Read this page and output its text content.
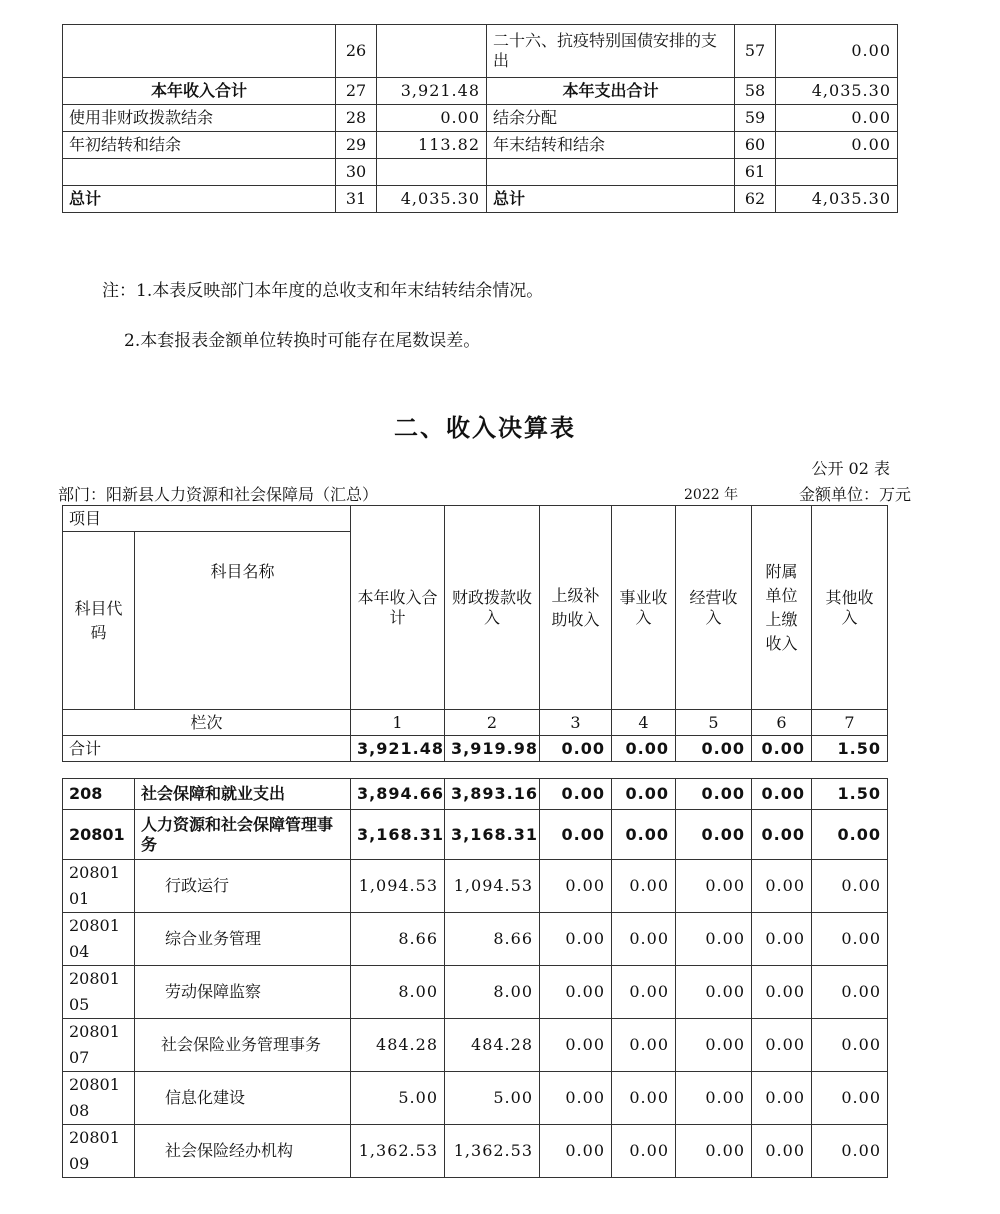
	26		二十六、抗疫特别国债安排的支出	57	0.00
本年收入合计	27	3,921.48	本年支出合计	58	4,035.30
使用非财政拨款结余	28	0.00	结余分配	59	0.00
年初结转和结余	29	113.82	年末结转和结余	60	0.00
	30			61	
总计	31	4,035.30	总计	62	4,035.30
注：1.本表反映部门本年度的总收支和年末结转结余情况。
2.本套报表金额单位转换时可能存在尾数误差。
二、收入决算表
公开 02 表
部门：阳新县人力资源和社会保障局（汇总）	2022 年	金额单位：万元
项目		本年收入合计	财政拨款收入	上级补助收入	事业收入	经营收入	附属单位上缴收入	其他收入
科目代码	科目名称							
栏次		1	2	3	4	5	6	7
合计		3,921.48	3,919.98	0.00	0.00	0.00	0.00	1.50
208	社会保障和就业支出	3,894.66	3,893.16	0.00	0.00	0.00	0.00	1.50
20801	人力资源和社会保障管理事务	3,168.31	3,168.31	0.00	0.00	0.00	0.00	0.00
2080101	行政运行	1,094.53	1,094.53	0.00	0.00	0.00	0.00	0.00
2080104	综合业务管理	8.66	8.66	0.00	0.00	0.00	0.00	0.00
2080105	劳动保障监察	8.00	8.00	0.00	0.00	0.00	0.00	0.00
2080107	社会保险业务管理事务	484.28	484.28	0.00	0.00	0.00	0.00	0.00
2080108	信息化建设	5.00	5.00	0.00	0.00	0.00	0.00	0.00
2080109	社会保险经办机构	1,362.53	1,362.53	0.00	0.00	0.00	0.00	0.00
